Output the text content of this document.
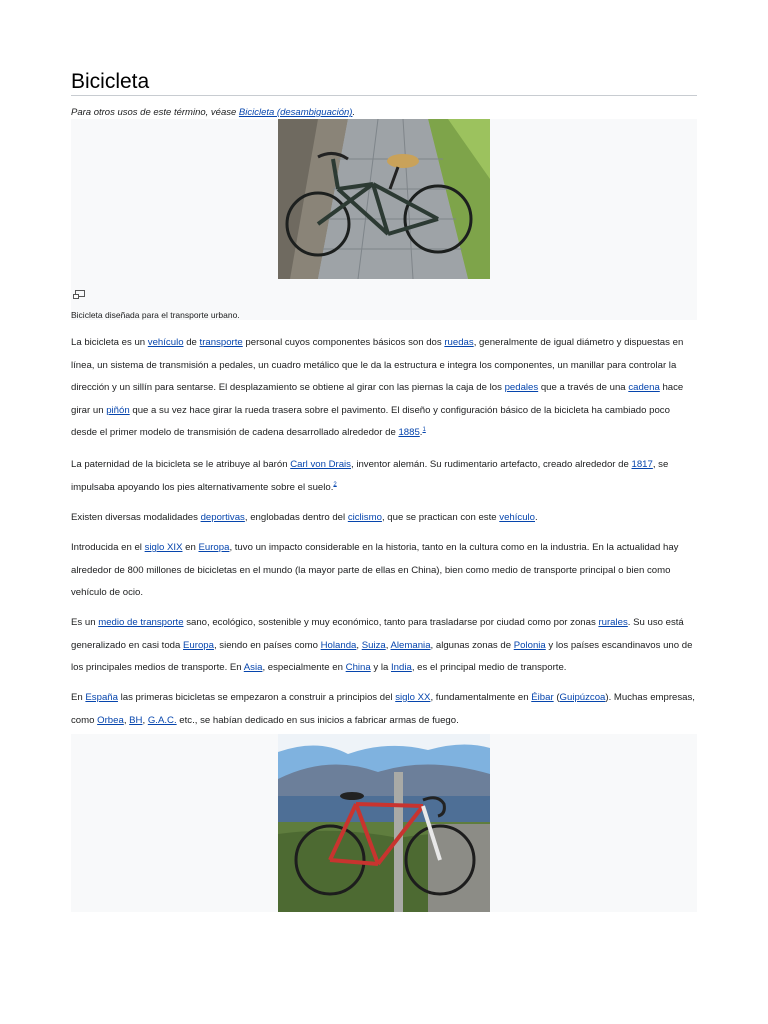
Bicicleta
Para otros usos de este término, véase Bicicleta (desambiguación).
Bicicleta diseñada para el transporte urbano.

La bicicleta es un vehículo de transporte personal cuyos componentes básicos son dos ruedas, generalmente de igual diámetro y dispuestas en línea, un sistema de transmisión a pedales, un cuadro metálico que le da la estructura e integra los componentes, un manillar para controlar la dirección y un sillín para sentarse. El desplazamiento se obtiene al girar con las piernas la caja de los pedales que a través de una cadena hace girar un piñón que a su vez hace girar la rueda trasera sobre el pavimento. El diseño y configuración básico de la bicicleta ha cambiado poco desde el primer modelo de transmisión de cadena desarrollado alrededor de 1885.$^1$

La paternidad de la bicicleta se le atribuye al barón Carl von Drais, inventor alemán. Su rudimentario artefacto, creado alrededor de 1817, se impulsaba apoyando los pies alternativamente sobre el suelo.$^2$

Existen diversas modalidades deportivas, englobadas dentro del ciclismo, que se practican con este vehículo.

Introducida en el siglo XIX en Europa, tuvo un impacto considerable en la historia, tanto en la cultura como en la industria. En la actualidad hay alrededor de 800 millones de bicicletas en el mundo (la mayor parte de ellas en China), bien como medio de transporte principal o bien como vehículo de ocio.

Es un medio de transporte sano, ecológico, sostenible y muy económico, tanto para trasladarse por ciudad como por zonas rurales. Su uso está generalizado en casi toda Europa, siendo en países como Holanda, Suiza, Alemania, algunas zonas de Polonia y los países escandinavos uno de los principales medios de transporte. En Asia, especialmente en China y la India, es el principal medio de transporte.

En España las primeras bicicletas se empezaron a construir a principios del siglo XX, fundamentalmente en Éibar (Guipúzcoa). Muchas empresas, como Orbea, BH, G.A.C. etc., se habían dedicado en sus inicios a fabricar armas de fuego.
